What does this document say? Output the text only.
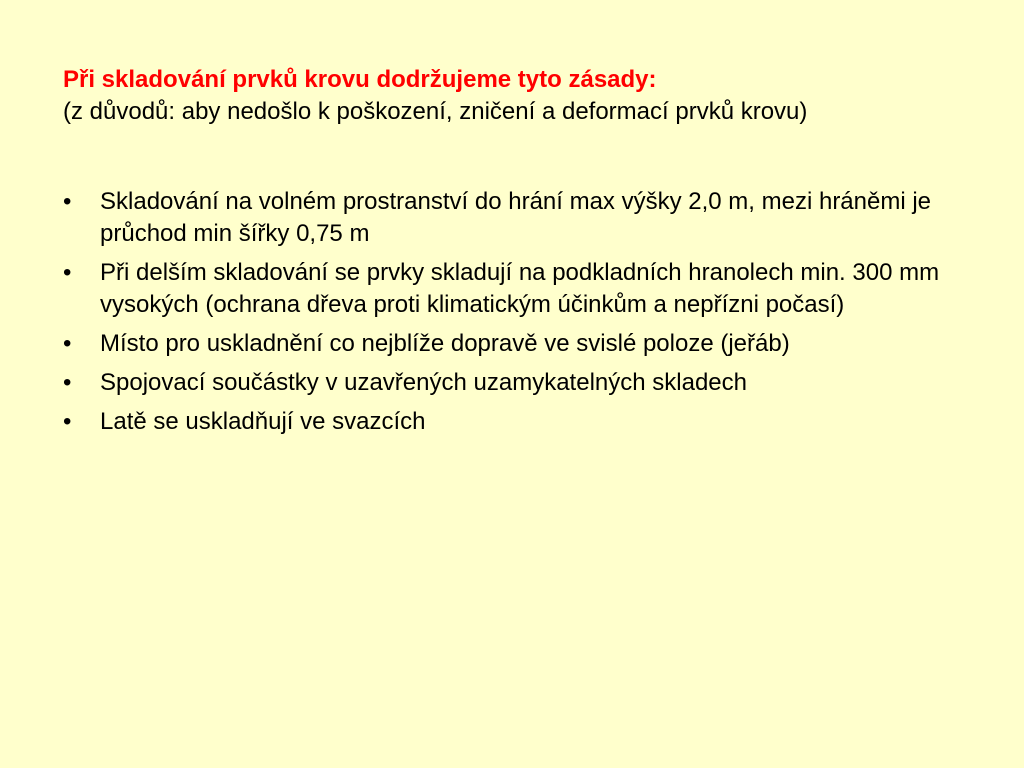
Při skladování prvků krovu dodržujeme tyto zásady:

(z důvodů: aby nedošlo k poškození, zničení a deformací prvků krovu)

•	Skladování na volném prostranství do hrání max výšky 2,0 m, mezi hráněmi je průchod min šířky 0,75 m
•	Při delším skladování se prvky skladují na podkladních hranolech min. 300 mm vysokých (ochrana dřeva proti klimatickým účinkům a nepřízni počasí)
•	Místo pro uskladnění co nejblíže dopravě ve svislé poloze (jeřáb)
•	Spojovací součástky v uzavřených uzamykatelných skladech
•	Latě se uskladňují ve svazcích
